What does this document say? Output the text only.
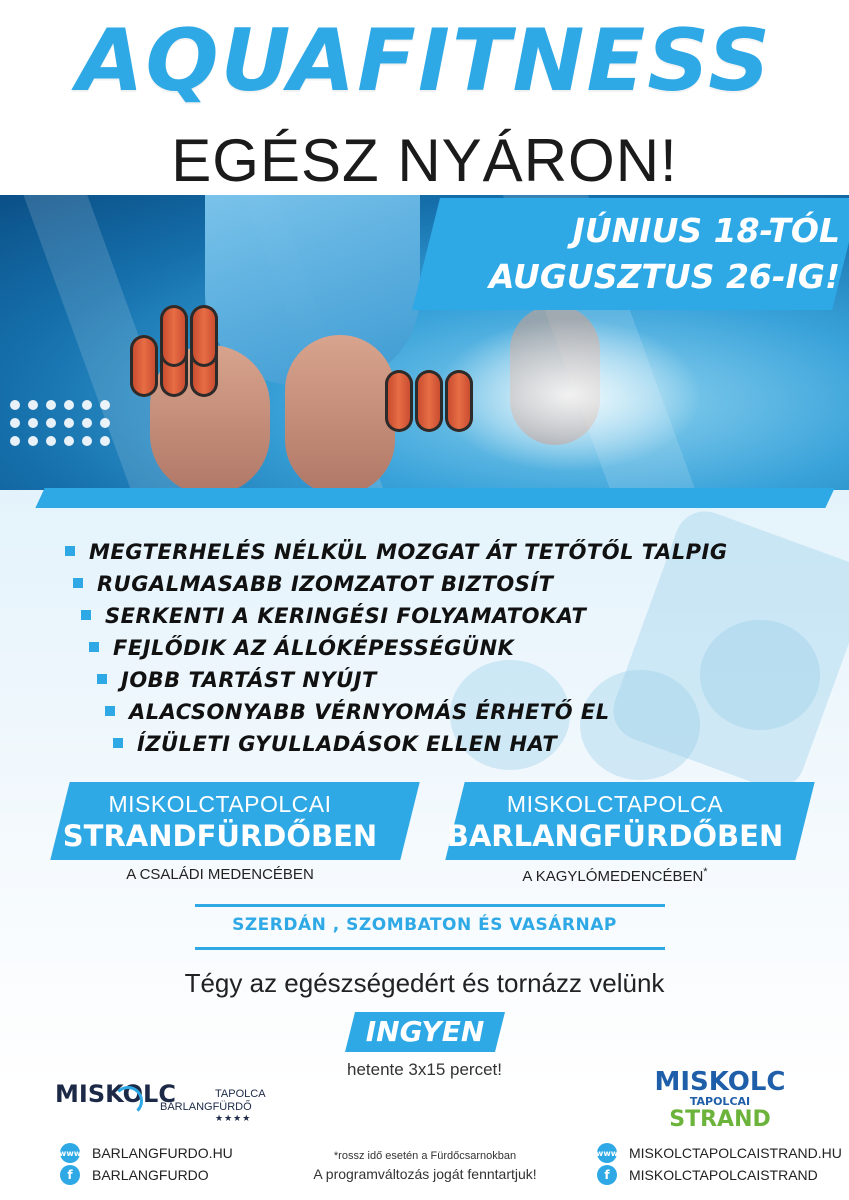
AQUAFITNESS
EGÉSZ NYÁRON!
JÚNIUS 18-TÓL
AUGUSZTUS 26-IG!
MEGTERHELÉS NÉLKÜL MOZGAT ÁT TETŐTŐL TALPIG
RUGALMASABB IZOMZATOT BIZTOSÍT
SERKENTI A KERINGÉSI FOLYAMATOKAT
FEJLŐDIK AZ ÁLLÓKÉPESSÉGÜNK
JOBB TARTÁST NYÚJT
ALACSONYABB VÉRNYOMÁS ÉRHETŐ EL
ÍZÜLETI GYULLADÁSOK ELLEN HAT
MISKOLCTAPOLCAI
STRANDFÜRDŐBEN
A CSALÁDI MEDENCÉBEN
MISKOLCTAPOLCA
BARLANGFÜRDŐBEN
A KAGYLÓMEDENCÉBEN*
SZERDÁN , SZOMBATON ÉS VASÁRNAP
Tégy az egészségedért és tornázz velünk
INGYEN
hetente 3x15 percet!
MISKOLC	TAPOLCA
BARLANGFÜRDŐ
★★★★
MISKOLC
TAPOLCAI
STRAND
www BARLANGFURDO.HU
f	BARLANGFURDO
*rossz idő esetén a Fürdőcsarnokban
A programváltozás jogát fenntartjuk!
www MISKOLCTAPOLCAISTRAND.HU
f	MISKOLCTAPOLCAISTRAND
